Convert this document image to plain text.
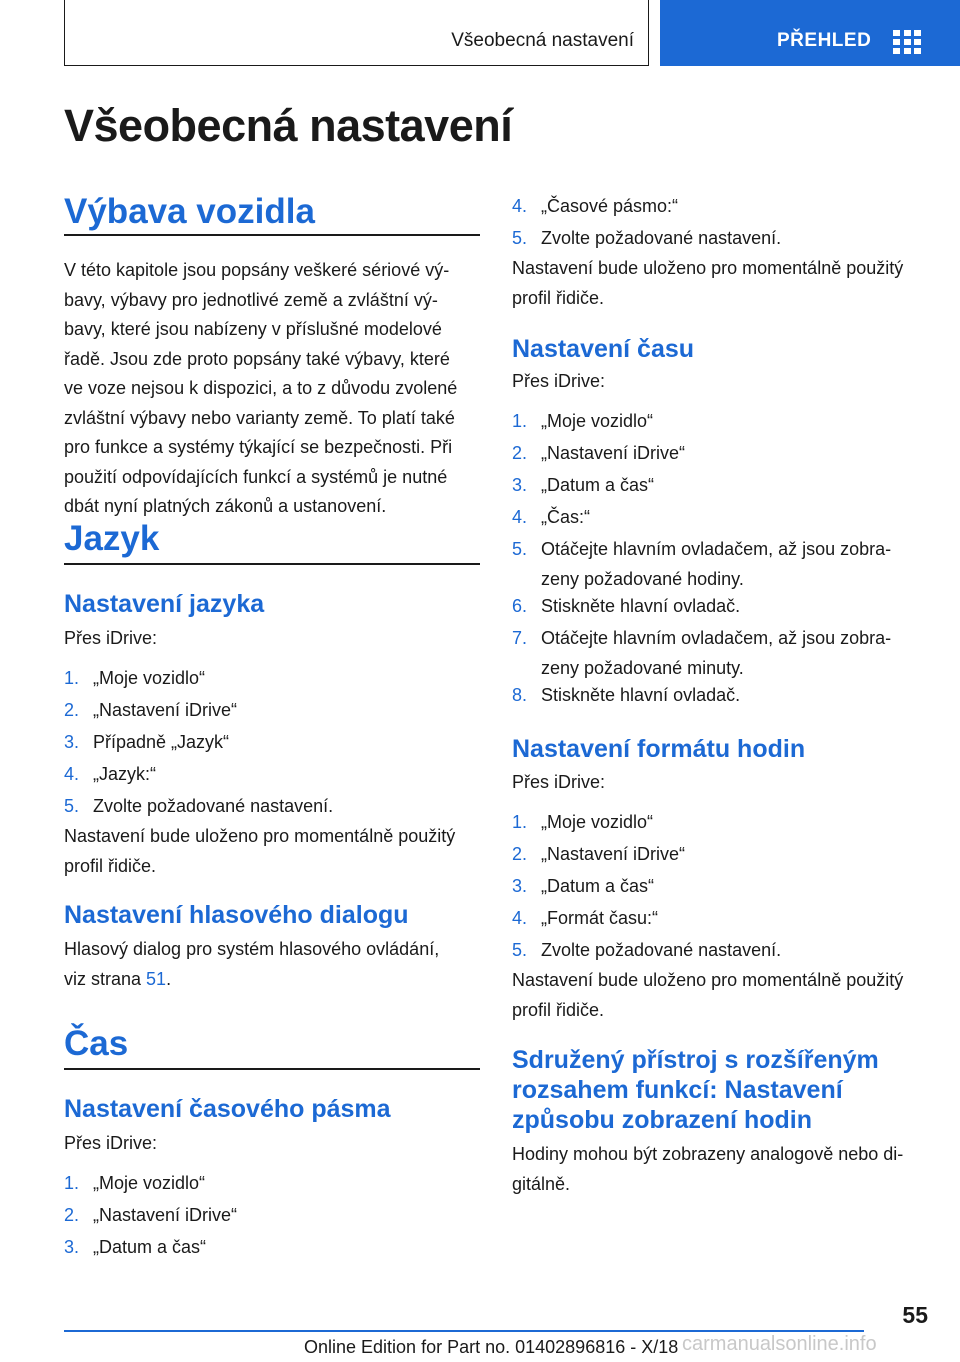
Všeobecná nastavení	PŘEHLED
Všeobecná nastavení
Výbava vozidla
V této kapitole jsou popsány veškeré sériové vý‐
bavy, výbavy pro jednotlivé země a zvláštní vý‐
bavy, které jsou nabízeny v příslušné modelové
řadě. Jsou zde proto popsány také výbavy, které
ve voze nejsou k dispozici, a to z důvodu zvolené
zvláštní výbavy nebo varianty země. To platí také
pro funkce a systémy týkající se bezpečnosti. Při
použití odpovídajících funkcí a systémů je nutné
dbát nyní platných zákonů a ustanovení.
Jazyk
Nastavení jazyka
Přes iDrive:
1. „Moje vozidlo“
2. „Nastavení iDrive“
3. Případně „Jazyk“
4. „Jazyk:“
5. Zvolte požadované nastavení.
Nastavení bude uloženo pro momentálně použitý
profil řidiče.
Nastavení hlasového dialogu
Hlasový dialog pro systém hlasového ovládání,
viz strana 51.
Čas
Nastavení časového pásma
Přes iDrive:
1. „Moje vozidlo“
2. „Nastavení iDrive“
3. „Datum a čas“
4. „Časové pásmo:“
5. Zvolte požadované nastavení.
Nastavení bude uloženo pro momentálně použitý
profil řidiče.
Nastavení času
Přes iDrive:
1. „Moje vozidlo“
2. „Nastavení iDrive“
3. „Datum a čas“
4. „Čas:“
5. Otáčejte hlavním ovladačem, až jsou zobra‐
zeny požadované hodiny.
6. Stiskněte hlavní ovladač.
7. Otáčejte hlavním ovladačem, až jsou zobra‐
zeny požadované minuty.
8. Stiskněte hlavní ovladač.
Nastavení formátu hodin
Přes iDrive:
1. „Moje vozidlo“
2. „Nastavení iDrive“
3. „Datum a čas“
4. „Formát času:“
5. Zvolte požadované nastavení.
Nastavení bude uloženo pro momentálně použitý
profil řidiče.
Sdružený přístroj s rozšířeným
rozsahem funkcí: Nastavení
způsobu zobrazení hodin
Hodiny mohou být zobrazeny analogově nebo di‐
gitálně.
55
Online Edition for Part no. 01402896816 - X/18 carmanualsonline.info
